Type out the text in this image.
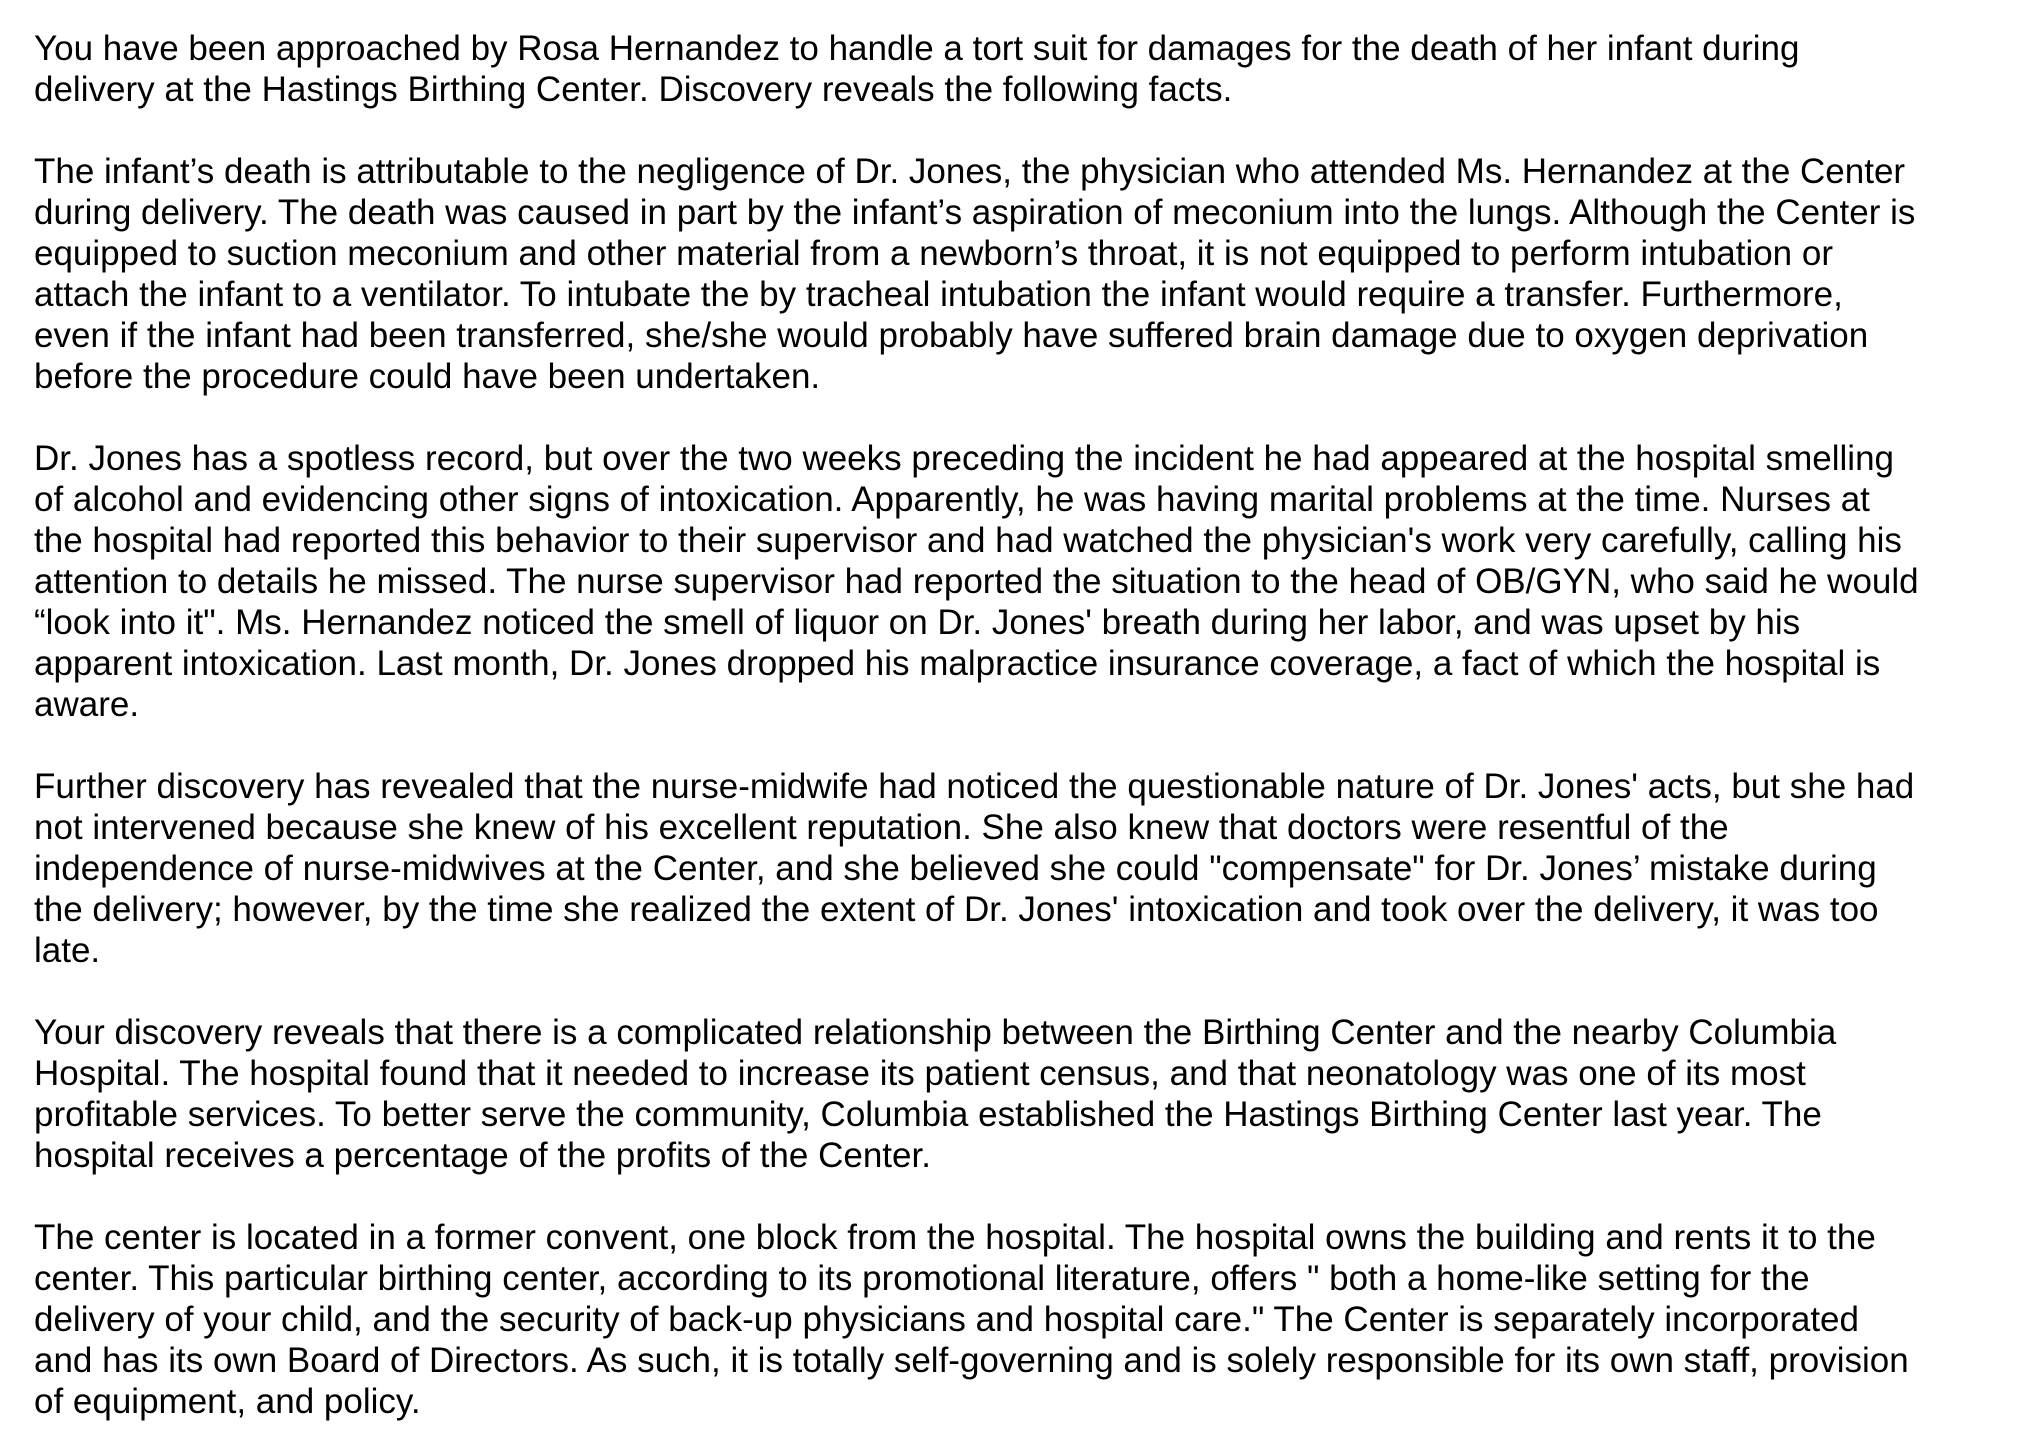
You have been approached by Rosa Hernandez to handle a tort suit for damages for the death of her infant during
delivery at the Hastings Birthing Center. Discovery reveals the following facts.

The infant’s death is attributable to the negligence of Dr. Jones, the physician who attended Ms. Hernandez at the Center
during delivery. The death was caused in part by the infant’s aspiration of meconium into the lungs. Although the Center is
equipped to suction meconium and other material from a newborn’s throat, it is not equipped to perform intubation or
attach the infant to a ventilator. To intubate the by tracheal intubation the infant would require a transfer. Furthermore,
even if the infant had been transferred, she/she would probably have suffered brain damage due to oxygen deprivation
before the procedure could have been undertaken.

Dr. Jones has a spotless record, but over the two weeks preceding the incident he had appeared at the hospital smelling
of alcohol and evidencing other signs of intoxication. Apparently, he was having marital problems at the time. Nurses at
the hospital had reported this behavior to their supervisor and had watched the physician's work very carefully, calling his
attention to details he missed. The nurse supervisor had reported the situation to the head of OB/GYN, who said he would
“look into it". Ms. Hernandez noticed the smell of liquor on Dr. Jones' breath during her labor, and was upset by his
apparent intoxication. Last month, Dr. Jones dropped his malpractice insurance coverage, a fact of which the hospital is
aware.

Further discovery has revealed that the nurse-midwife had noticed the questionable nature of Dr. Jones' acts, but she had
not intervened because she knew of his excellent reputation. She also knew that doctors were resentful of the
independence of nurse-midwives at the Center, and she believed she could "compensate" for Dr. Jones’ mistake during
the delivery; however, by the time she realized the extent of Dr. Jones' intoxication and took over the delivery, it was too
late.

Your discovery reveals that there is a complicated relationship between the Birthing Center and the nearby Columbia
Hospital. The hospital found that it needed to increase its patient census, and that neonatology was one of its most
profitable services. To better serve the community, Columbia established the Hastings Birthing Center last year. The
hospital receives a percentage of the profits of the Center.

The center is located in a former convent, one block from the hospital. The hospital owns the building and rents it to the
center. This particular birthing center, according to its promotional literature, offers " both a home-like setting for the
delivery of your child, and the security of back-up physicians and hospital care." The Center is separately incorporated
and has its own Board of Directors. As such, it is totally self-governing and is solely responsible for its own staff, provision
of equipment, and policy.
